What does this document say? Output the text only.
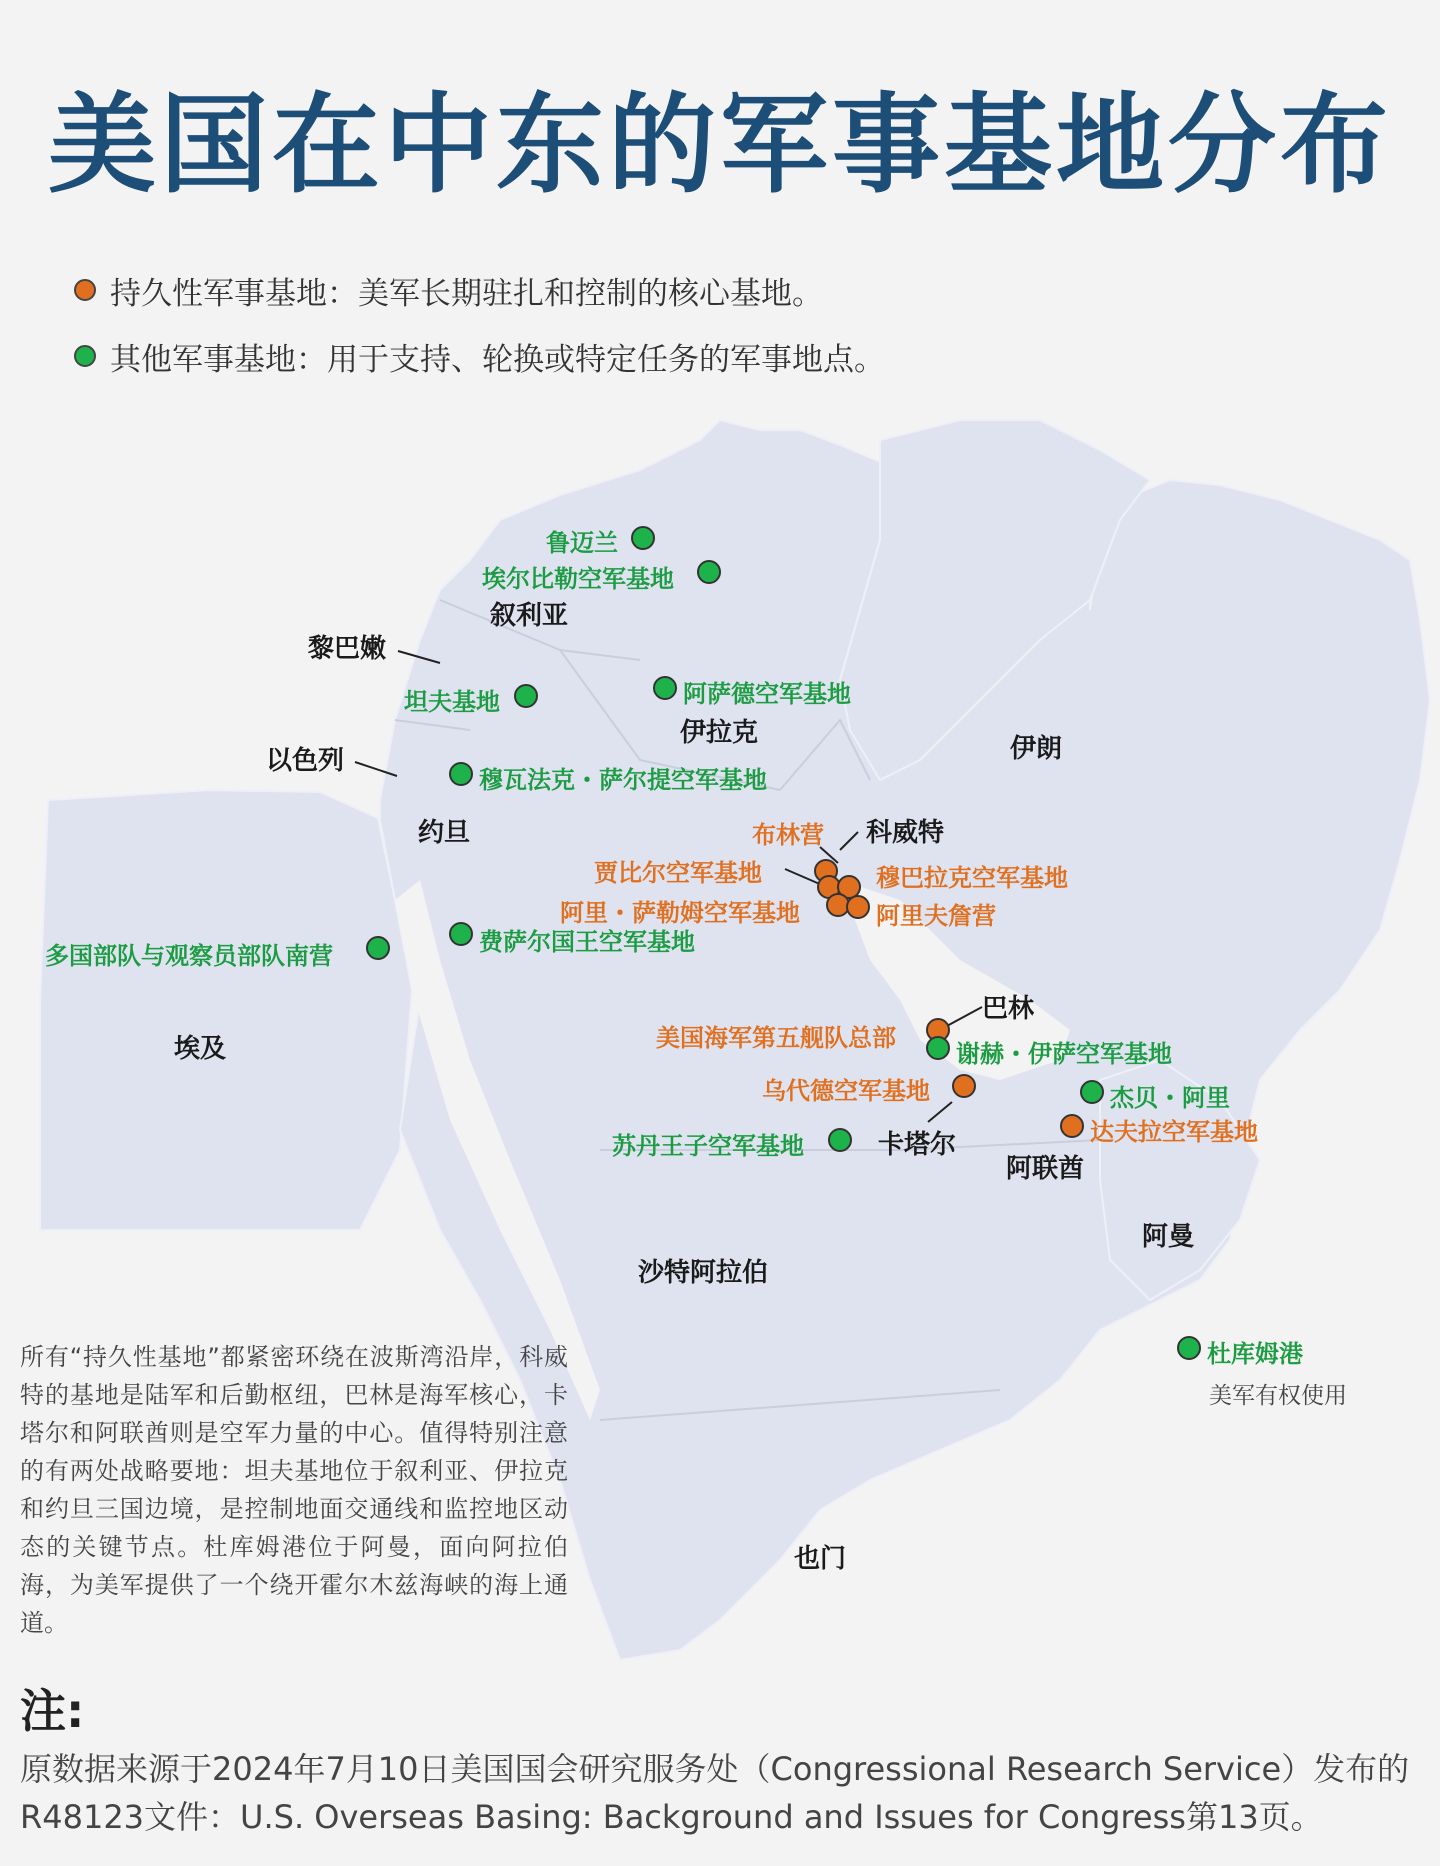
美国在中东的军事基地分布
持久性军事基地：美军长期驻扎和控制的核心基地。
其他军事基地：用于支持、轮换或特定任务的军事地点。
叙利亚
黎巴嫩
以色列
约旦
伊拉克
伊朗
科威特
埃及
巴林
卡塔尔
阿联酋
阿曼
沙特阿拉伯
也门
鲁迈兰
埃尔比勒空军基地
坦夫基地	阿萨德空军基地
穆瓦法克・萨尔提空军基地
布林营
贾比尔空军基地	穆巴拉克空军基地
阿里・萨勒姆空军基地	阿里夫詹营
费萨尔国王空军基地
多国部队与观察员部队南营
美国海军第五舰队总部
谢赫・伊萨空军基地
乌代德空军基地	杰贝・阿里
达夫拉空军基地
苏丹王子空军基地
杜库姆港
美军有权使用
所有“持久性基地”都紧密环绕在波斯湾沿岸，科威特的基地是陆军和后勤枢纽，巴林是海军核心，卡塔尔和阿联酋则是空军力量的中心。值得特别注意的有两处战略要地：坦夫基地位于叙利亚、伊拉克和约旦三国边境，是控制地面交通线和监控地区动态的关键节点。杜库姆港位于阿曼，面向阿拉伯海，为美军提供了一个绕开霍尔木兹海峡的海上通道。
注:
原数据来源于2024年7月10日美国国会研究服务处（Congressional Research Service）发布的R48123文件：U.S. Overseas Basing: Background and Issues for Congress第13页。
